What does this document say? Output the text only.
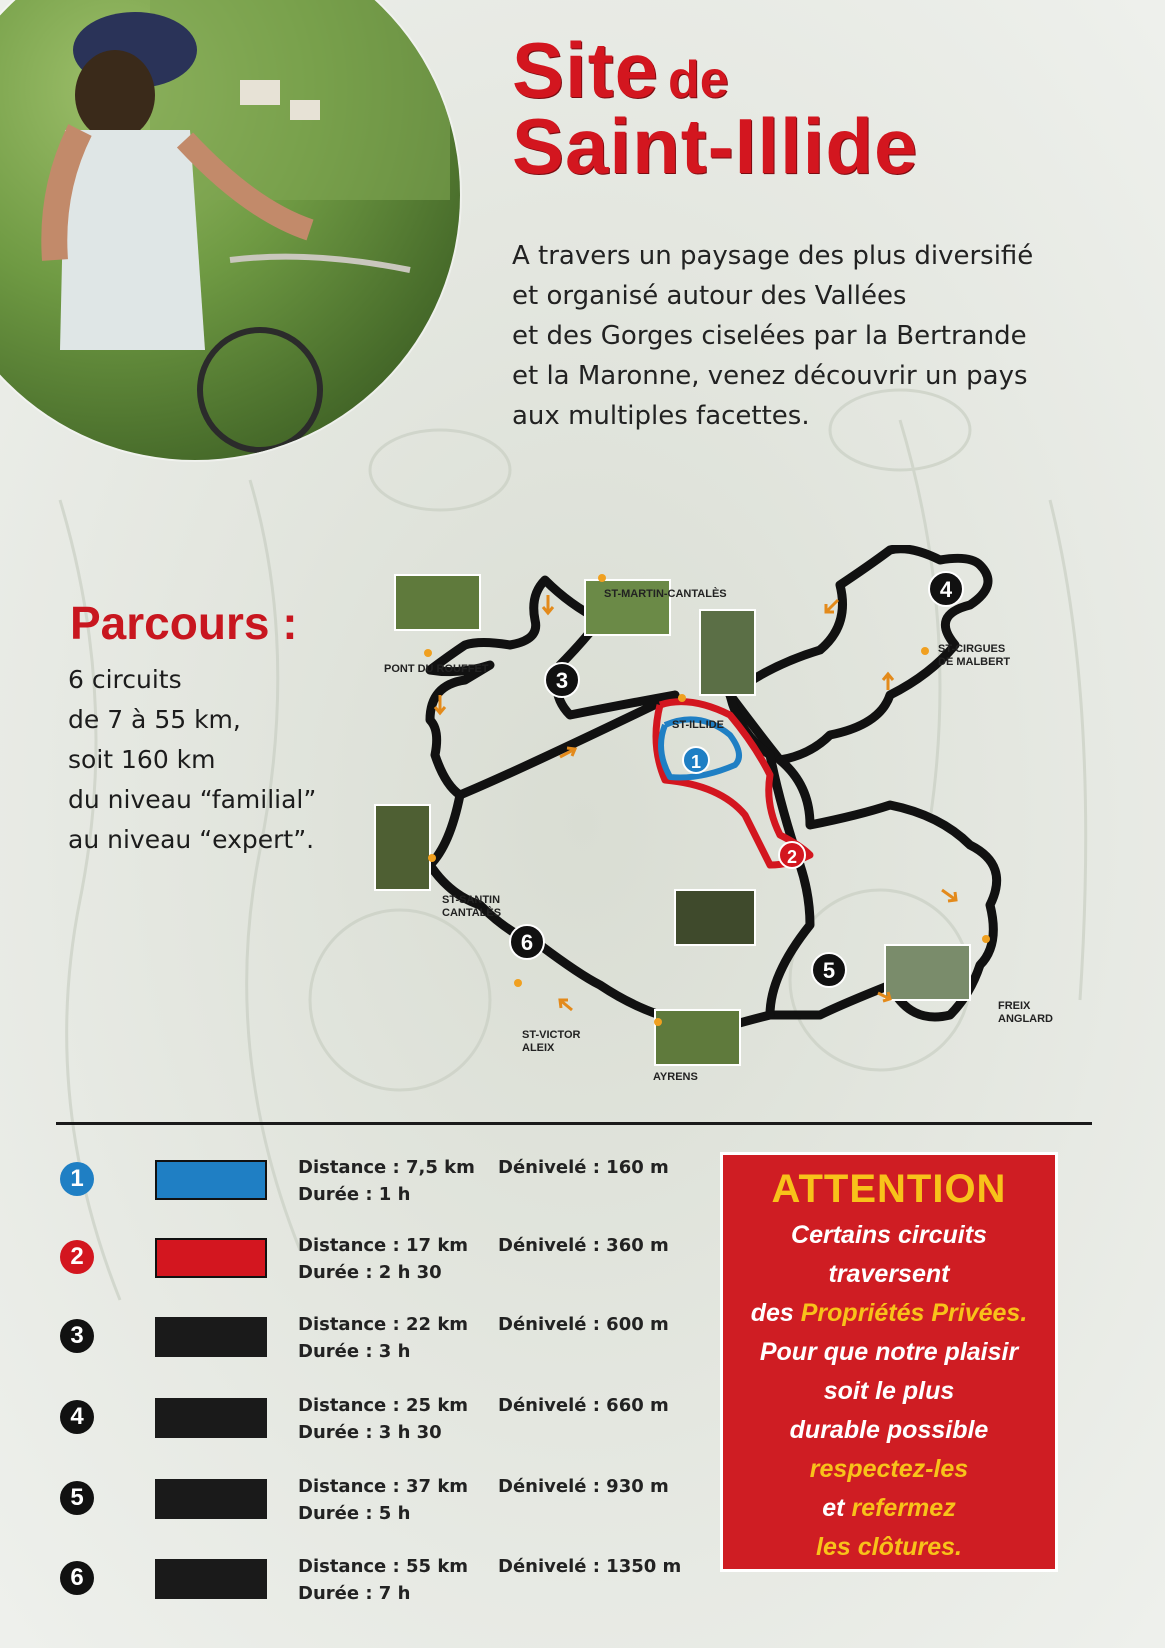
Site de
Saint-Illide

A travers un paysage des plus diversifié
et organisé autour des Vallées
et des Gorges ciselées par la Bertrande
et la Maronne, venez découvrir un pays
aux multiples facettes.

Parcours :

6 circuits
de 7 à 55 km,
soit 160 km
du niveau “familial”
au niveau “expert”.

1
2
3
4
5
6
ST-MARTIN-CANTALÈS
PONT DU ROUFFET
ST-CIRGUES
DE MALBERT
ST-ILLIDE
ST-SANTIN
CANTALÈS
ST-VICTOR
ALEIX
AYRENS
FREIX
ANGLARD
1	Distance : 7,5 km Dénivelé : 160 m
Durée : 1 h
2	Distance : 17 km Dénivelé : 360 m
Durée : 2 h 30
3	Distance : 22 km Dénivelé : 600 m
Durée : 3 h
4	Distance : 25 km Dénivelé : 660 m
Durée : 3 h 30
5	Distance : 37 km Dénivelé : 930 m
Durée : 5 h
6	Distance : 55 km Dénivelé : 1350 m
Durée : 7 h
ATTENTION
Certains circuits
traversent
des Propriétés Privées.
Pour que notre plaisir
soit le plus
durable possible
respectez-les
et refermez
les clôtures.
